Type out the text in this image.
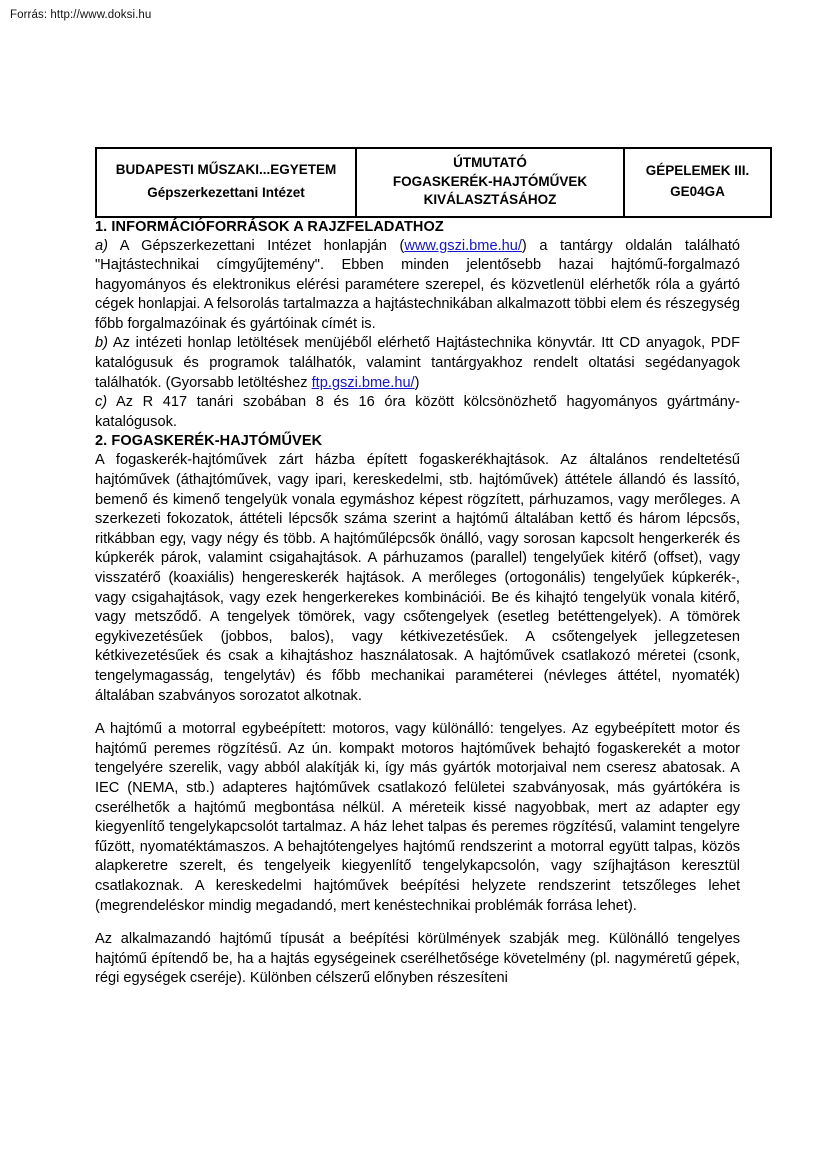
Forrás: http://www.doksi.hu
BUDAPESTI MŰSZAKI...EGYETEM
Gépszerkezettani Intézet

ÚTMUTATÓ
FOGASKERÉK-HAJTÓMŰVEK
KIVÁLASZTÁSÁHOZ

GÉPELEMEK III.
GE04GA
1. INFORMÁCIÓFORRÁSOK A RAJZFELADATHOZ

a) A Gépszerkezettani Intézet honlapján (www.gszi.bme.hu/) a tantárgy oldalán található "Hajtástechnikai címgyűjtemény". Ebben minden jelentősebb hazai hajtómű-forgalmazó hagyományos és elektronikus elérési paramétere szerepel, és közvetlenül elérhetők róla a gyártó cégek honlapjai. A felsorolás tartalmazza a hajtástechnikában alkalmazott többi elem és részegység főbb forgalmazóinak és gyártóinak címét is.

b) Az intézeti honlap letöltések menüjéből elérhető Hajtástechnika könyvtár. Itt CD anyagok, PDF katalógusuk és programok találhatók, valamint tantárgyakhoz rendelt oltatási segédanyagok találhatók. (Gyorsabb letöltéshez ftp.gszi.bme.hu/)

c) Az R 417 tanári szobában 8 és 16 óra között kölcsönözhető hagyományos gyártmány-katalógusok.

2. FOGASKERÉK-HAJTÓMŰVEK

A fogaskerék-hajtóművek zárt házba épített fogaskerékhajtások. Az általános rendeltetésű hajtóművek (áthajtóművek, vagy ipari, kereskedelmi, stb. hajtóművek) áttétele állandó és lassító, bemenő és kimenő tengelyük vonala egymáshoz képest rögzített, párhuzamos, vagy merőleges. A szerkezeti fokozatok, áttételi lépcsők száma szerint a hajtómű általában kettő és három lépcsős, ritkábban egy, vagy négy és több. A hajtóműlépcsők önálló, vagy sorosan kapcsolt hengerkerék és kúpkerék párok, valamint csigahajtások. A párhuzamos (parallel) tengelyűek kitérő (offset), vagy visszatérő (koaxiális) hengereskerék hajtások. A merőleges (ortogonális) tengelyűek kúpkerék-, vagy csigahajtások, vagy ezek hengerkerekes kombinációi. Be és kihajtó tengelyük vonala kitérő, vagy metsződő. A tengelyek tömörek, vagy csőtengelyek (esetleg betéttengelyek). A tömörek egykivezetésűek (jobbos, balos), vagy kétkivezetésűek. A csőtengelyek jellegzetesen kétkivezetésűek és csak a kihajtáshoz használatosak. A hajtóművek csatlakozó méretei (csonk, tengelymagasság, tengelytáv) és főbb mechanikai paraméterei (névleges áttétel, nyomaték) általában szabványos sorozatot alkotnak.

A hajtómű a motorral egybeépített: motoros, vagy különálló: tengelyes. Az egybeépített motor és hajtómű peremes rögzítésű. Az ún. kompakt motoros hajtóművek behajtó fogaskerekét a motor tengelyére szerelik, vagy abból alakítják ki, így más gyártók motorjaival nem cseresz abatosak. A IEC (NEMA, stb.) adapteres hajtóművek csatlakozó felületei szabványosak, más gyártókéra is cserélhetők a hajtómű megbontása nélkül. A méreteik kissé nagyobbak, mert az adapter egy kiegyenlítő tengelykapcsolót tartalmaz. A ház lehet talpas és peremes rögzítésű, valamint tengelyre fűzött, nyomatéktámaszos. A behajtótengelyes hajtómű rendszerint a motorral együtt talpas, közös alapkeretre szerelt, és tengelyeik kiegyenlítő tengelykapcsolón, vagy szíjhajtáson keresztül csatlakoznak. A kereskedelmi hajtóművek beépítési helyzete rendszerint tetszőleges lehet (megrendeléskor mindig megadandó, mert kenéstechnikai problémák forrása lehet).

Az alkalmazandó hajtómű típusát a beépítési körülmények szabják meg. Különálló tengelyes hajtómű építendő be, ha a hajtás egységeinek cserélhetősége követelmény (pl. nagyméretű gépek, régi egységek cseréje). Különben célszerű előnyben részesíteni
